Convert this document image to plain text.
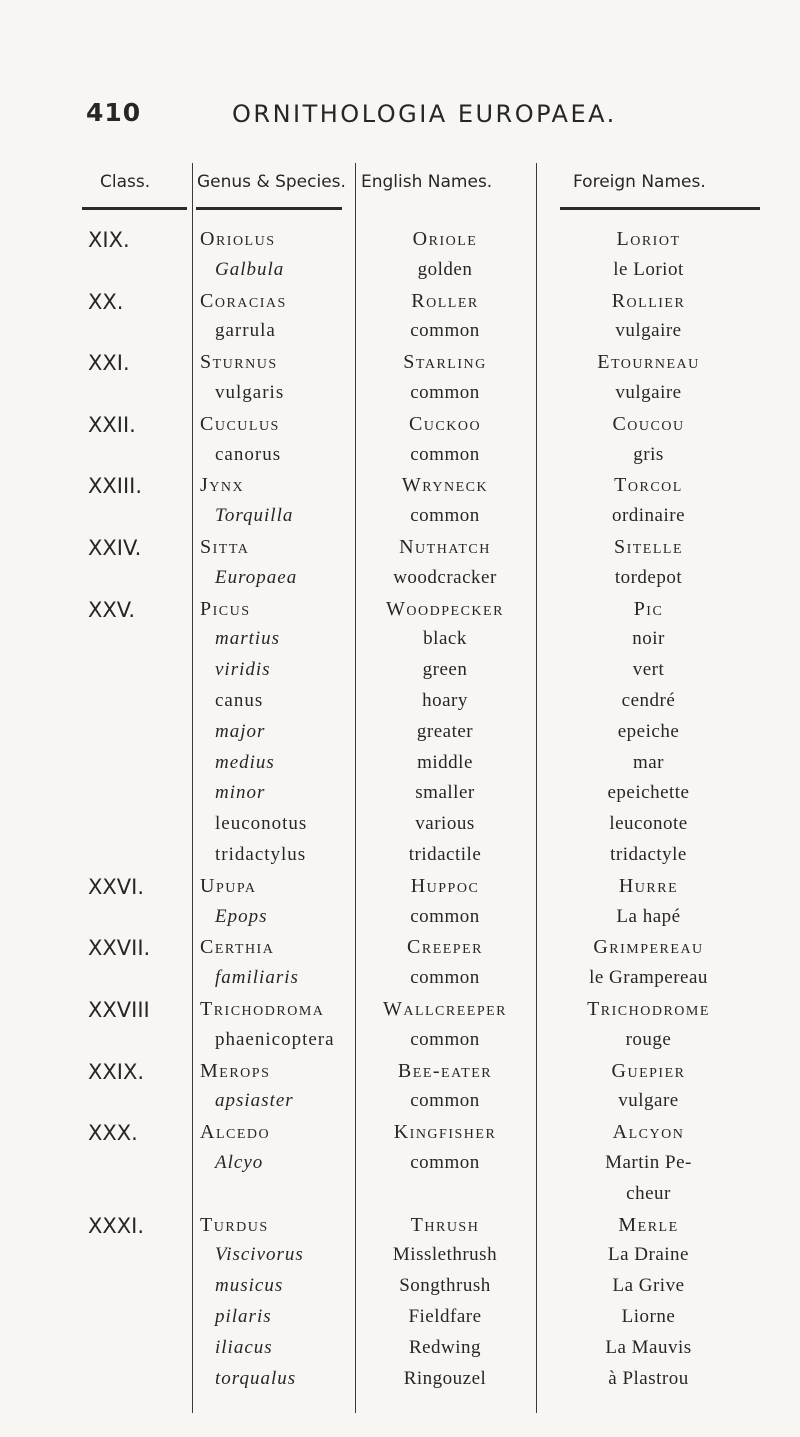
410	ORNITHOLOGIA EUROPAEA.
Class.	Genus & Species. English Names.	Foreign Names.
XIX.	Oriolus	Oriole	Loriot
Galbula	golden	le Loriot
XX.	Coracias	Roller	Rollier
garrula	common	vulgaire
XXI.	Sturnus	Starling	Etourneau
vulgaris	common	vulgaire
XXII.	Cuculus	Cuckoo	Coucou
canorus	common	gris
XXIII.	Jynx	Wryneck	Torcol
Torquilla	common	ordinaire
XXIV.	Sitta	Nuthatch	Sitelle
Europaea	woodcracker	tordepot
XXV.	Picus	Woodpecker	Pic
martius	black	noir
viridis	green	vert
canus	hoary	cendré
major	greater	epeiche
medius	middle	mar
minor	smaller	epeichette
leuconotus	various	leuconote
tridactylus	tridactile	tridactyle
XXVI.	Upupa	Huppoc	Hurre
Epops	common	La hapé
XXVII. Certhia	Creeper	Grimpereau
familiaris	common	le Grampereau
XXVIII	Trichodroma	Wallcreeper	Trichodrome
phaenicoptera	common	rouge
XXIX.	Merops	Bee-eater	Guepier
apsiaster	common	vulgare
XXX.	Alcedo	Kingfisher	Alcyon
Alcyo	common	Martin Pe-
cheur
XXXI.	Turdus	Thrush	Merle
Viscivorus	Misslethrush	La Draine
musicus	Songthrush	La Grive
pilaris	Fieldfare	Liorne
iliacus	Redwing	La Mauvis
torqualus	Ringouzel	à Plastrou
